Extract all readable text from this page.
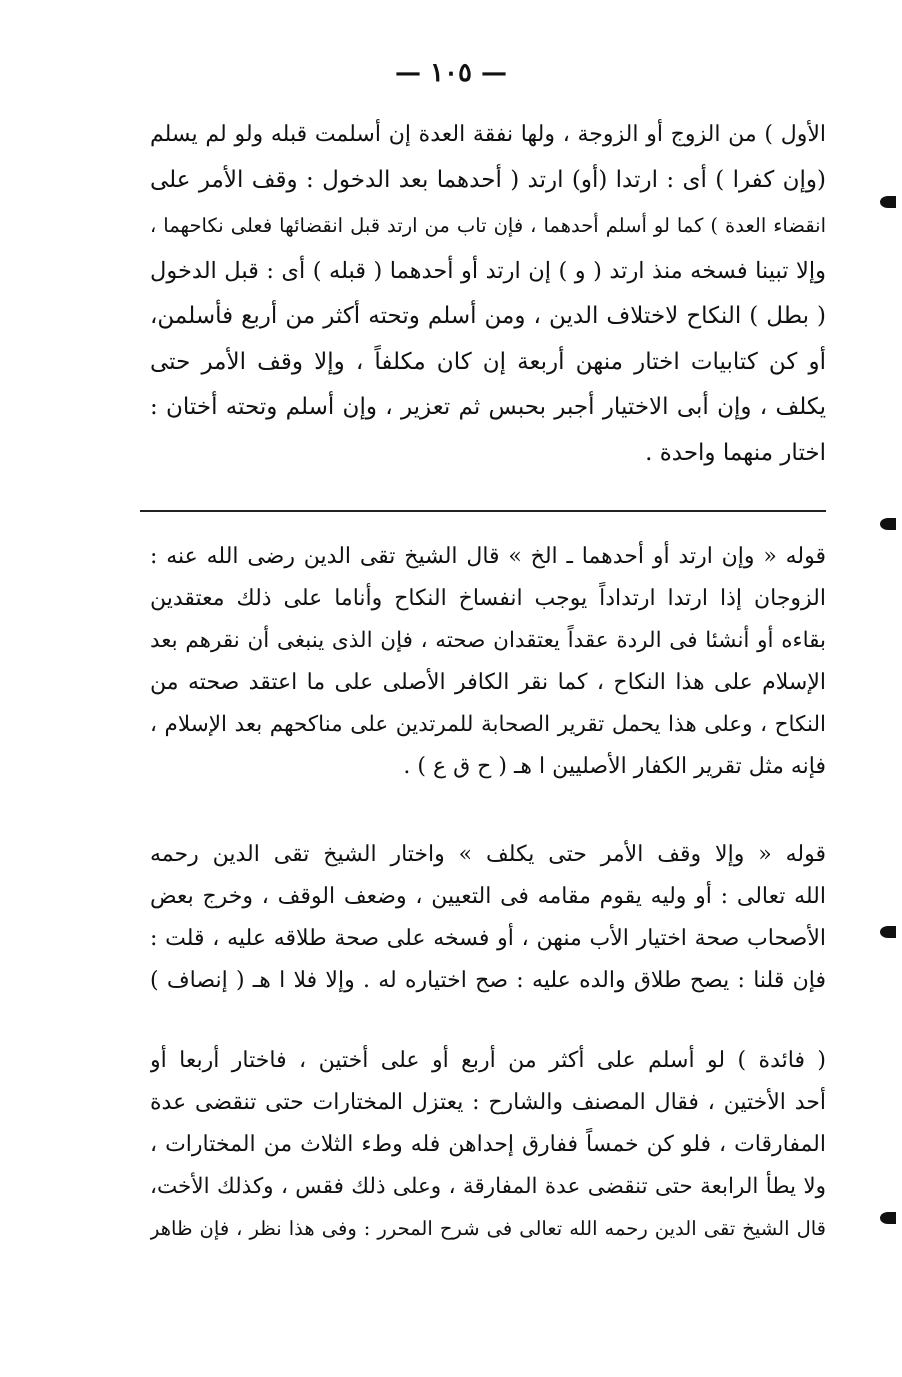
— ١٠٥ —
الأول ) من الزوج أو الزوجة ، ولها نفقة العدة إن أسلمت قبله ولو لم يسلم
(وإن كفرا ) أى : ارتدا (أو) ارتد ( أحدهما بعد الدخول : وقف الأمر على
انقضاء العدة ) كما لو أسلم أحدهما ، فإن تاب من ارتد قبل انقضائها فعلى نكاحهما ،
وإلا تبينا فسخه منذ ارتد ( و ) إن ارتد أو أحدهما ( قبله ) أى : قبل الدخول
( بطل ) النكاح لاختلاف الدين ، ومن أسلم وتحته أكثر من أربع فأسلمن،
أو كن كتابيات اختار منهن أربعة إن كان مكلفاً ، وإلا وقف الأمر حتى
يكلف ، وإن أبى الاختيار أجبر بحبس ثم تعزير ، وإن أسلم وتحته أختان :
اختار منهما واحدة .
قوله « وإن ارتد أو أحدهما ـ الخ » قال الشيخ تقى الدين رضى الله عنه :
الزوجان إذا ارتدا ارتداداً يوجب انفساخ النكاح وأناما على ذلك معتقدين
بقاءه أو أنشئا فى الردة عقداً يعتقدان صحته ، فإن الذى ينبغى أن نقرهم بعد
الإسلام على هذا النكاح ، كما نقر الكافر الأصلى على ما اعتقد صحته من
النكاح ، وعلى هذا يحمل تقرير الصحابة للمرتدين على مناكحهم بعد الإسلام ،
فإنه مثل تقرير الكفار الأصليين ا هـ ( ح ق ع ) .
قوله « وإلا وقف الأمر حتى يكلف » واختار الشيخ تقى الدين رحمه
الله تعالى : أو وليه يقوم مقامه فى التعيين ، وضعف الوقف ، وخرج بعض
الأصحاب صحة اختيار الأب منهن ، أو فسخه على صحة طلاقه عليه ، قلت :
فإن قلنا : يصح طلاق والده عليه : صح اختياره له . وإلا فلا ا هـ ( إنصاف )
( فائدة ) لو أسلم على أكثر من أربع أو على أختين ، فاختار أربعا أو
أحد الأختين ، فقال المصنف والشارح : يعتزل المختارات حتى تنقضى عدة
المفارقات ، فلو كن خمساً ففارق إحداهن فله وطء الثلاث من المختارات ،
ولا يطأ الرابعة حتى تنقضى عدة المفارقة ، وعلى ذلك فقس ، وكذلك الأخت،
قال الشيخ تقى الدين رحمه الله تعالى فى شرح المحرر : وفى هذا نظر ، فإن ظاهر
